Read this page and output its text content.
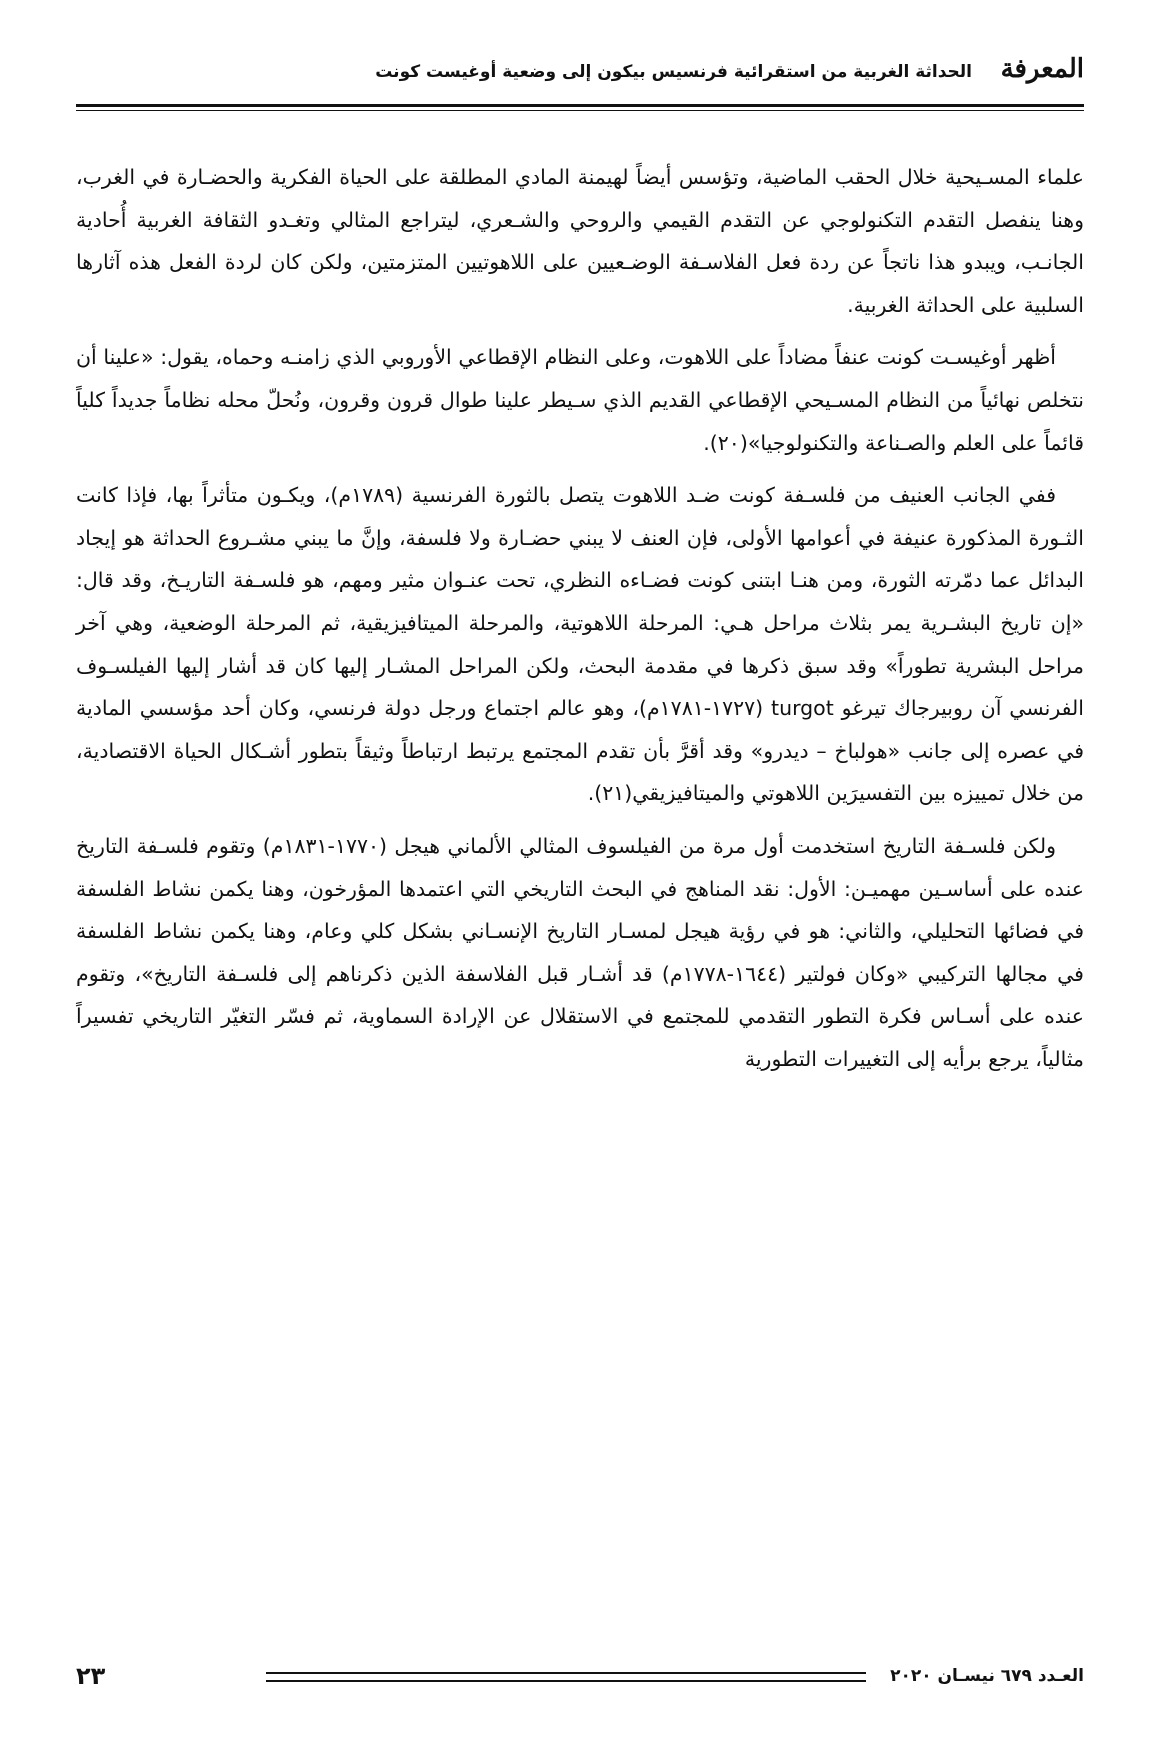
المعرفة
الحداثة الغربية من استقرائية فرنسيس بيكون إلى وضعية أوغيست كونت

علماء المسـيحية خلال الحقب الماضية، وتؤسس أيضاً لهيمنة المادي المطلقة على الحياة الفكرية والحضـارة في الغرب، وهنا ينفصل التقدم التكنولوجي عن التقدم القيمي والروحي والشـعري، ليتراجع المثالي وتغـدو الثقافة الغربية أُحادية الجانـب، ويبدو هذا ناتجاً عن ردة فعل الفلاسـفة الوضـعيين على اللاهوتيين المتزمتين، ولكن كان لردة الفعل هذه آثارها السلبية على الحداثة الغربية.

أظهر أوغيسـت كونت عنفاً مضاداً على اللاهوت، وعلى النظام الإقطاعي الأوروبي الذي زامنـه وحماه، يقول: «علينا أن نتخلص نهائياً من النظام المسـيحي الإقطاعي القديم الذي سـيطر علينا طوال قرون وقرون، ونُحلّ محله نظاماً جديداً كلياً قائماً على العلم والصـناعة والتكنولوجيا»(٢٠).

ففي الجانب العنيف من فلسـفة كونت ضـد اللاهوت يتصل بالثورة الفرنسية (١٧٨٩م)، ويكـون متأثراً بها، فإذا كانت الثـورة المذكورة عنيفة في أعوامها الأولى، فإن العنف لا يبني حضـارة ولا فلسفة، وإنَّ ما يبني مشـروع الحداثة هو إيجاد البدائل عما دمّرته الثورة، ومن هنـا ابتنى كونت فضـاءه النظري، تحت عنـوان مثير ومهم، هو فلسـفة التاريـخ، وقد قال: «إن تاريخ البشـرية يمر بثلاث مراحل هـي: المرحلة اللاهوتية، والمرحلة الميتافيزيقية، ثم المرحلة الوضعية، وهي آخر مراحل البشرية تطوراً» وقد سبق ذكرها في مقدمة البحث، ولكن المراحل المشـار إليها كان قد أشار إليها الفيلسـوف الفرنسي آن روبيرجاك تيرغو turgot (١٧٢٧-١٧٨١م)، وهو عالم اجتماع ورجل دولة فرنسي، وكان أحد مؤسسي المادية في عصره إلى جانب «هولباخ – ديدرو» وقد أقرَّ بأن تقدم المجتمع يرتبط ارتباطاً وثيقاً بتطور أشـكال الحياة الاقتصادية، من خلال تمييزه بين التفسيرَين اللاهوتي والميتافيزيقي(٢١).

ولكن فلسـفة التاريخ استخدمت أول مرة من الفيلسوف المثالي الألماني هيجل (١٧٧٠-١٨٣١م) وتقوم فلسـفة التاريخ عنده على أساسـين مهميـن: الأول: نقد المناهج في البحث التاريخي التي اعتمدها المؤرخون، وهنا يكمن نشاط الفلسفة في فضائها التحليلي، والثاني: هو في رؤية هيجل لمسـار التاريخ الإنسـاني بشكل كلي وعام، وهنا يكمن نشاط الفلسفة في مجالها التركيبي «وكان فولتير (١٦٤٤-١٧٧٨م) قد أشـار قبل الفلاسفة الذين ذكرناهم إلى فلسـفة التاريخ»، وتقوم عنده على أسـاس فكرة التطور التقدمي للمجتمع في الاستقلال عن الإرادة السماوية، ثم فسّر التغيّر التاريخي تفسيراً مثالياً، يرجع برأيه إلى التغييرات التطورية

العـدد ٦٧٩ نيسـان ٢٠٢٠
٢٣
